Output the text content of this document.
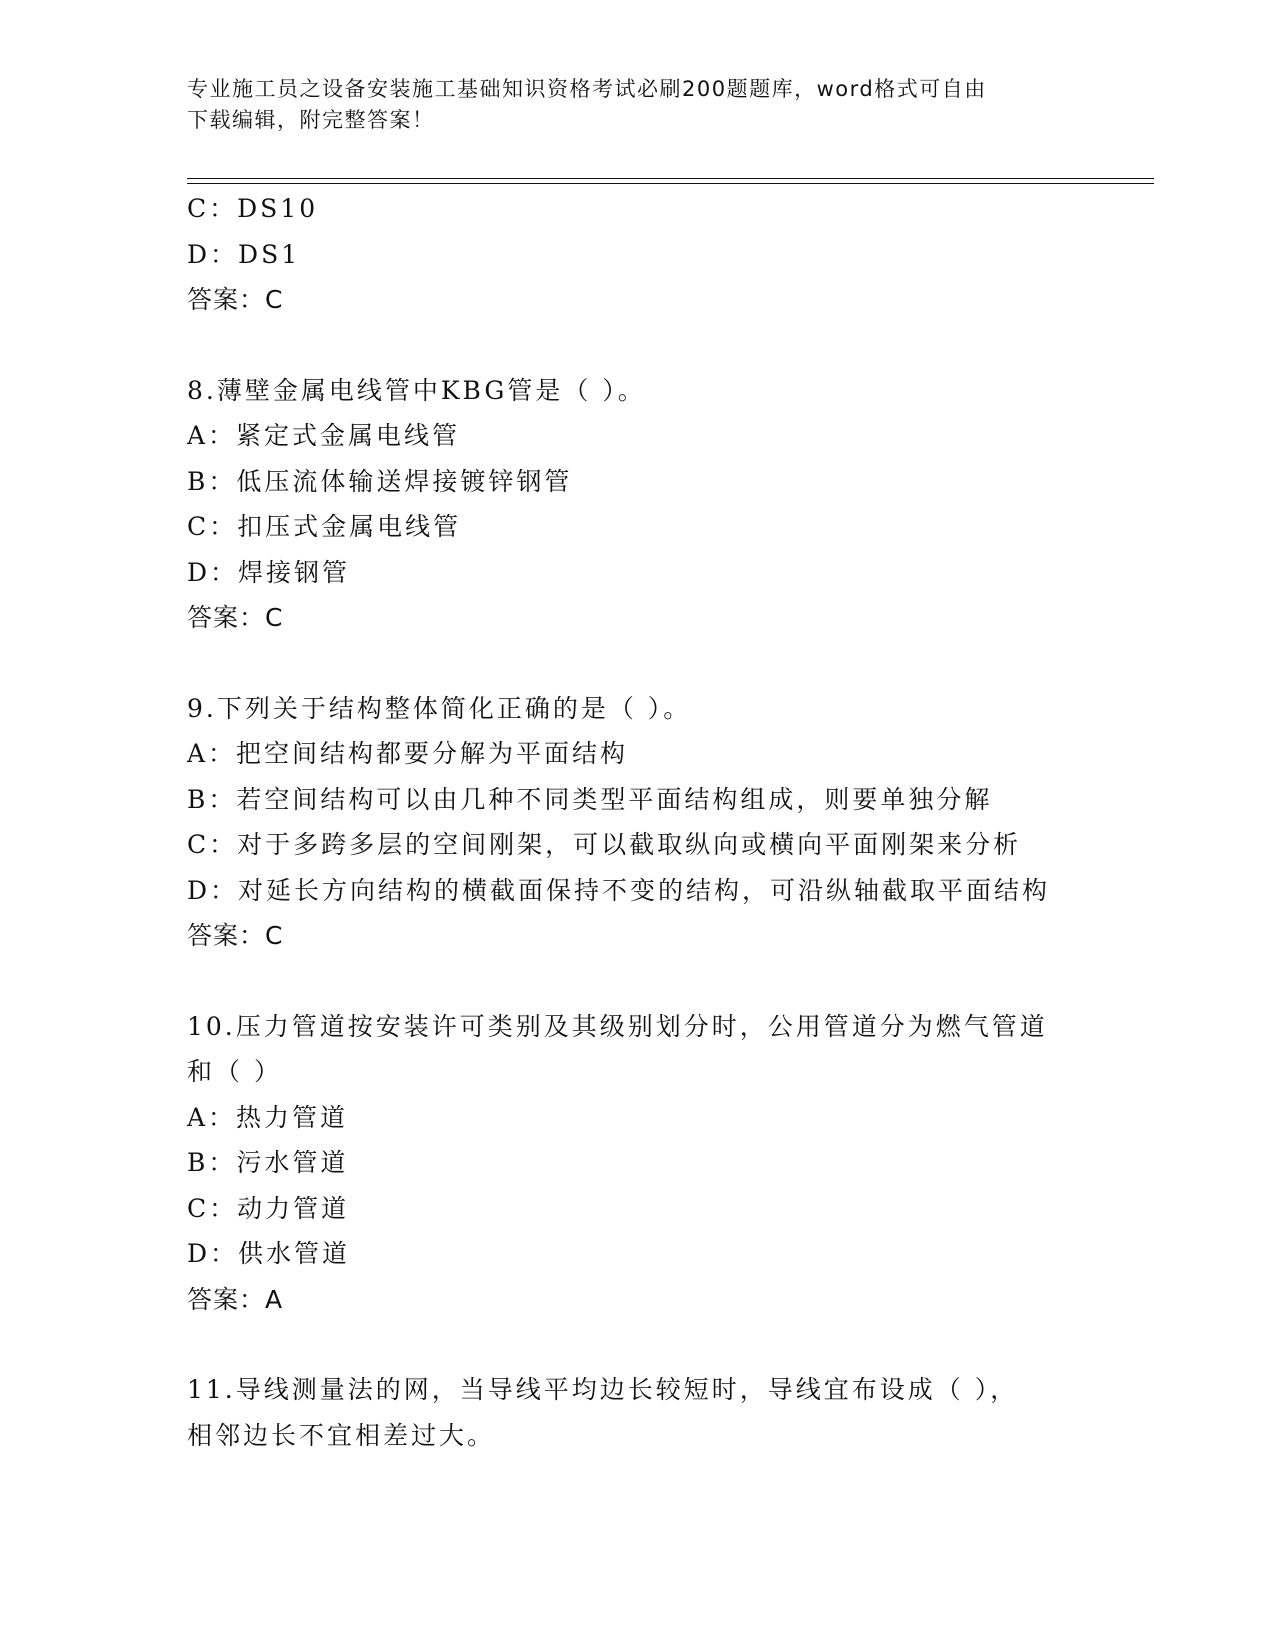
专业施工员之设备安装施工基础知识资格考试必刷200题题库，word格式可自由
下载编辑，附完整答案！
C：DS10
D：DS1
答案：C
8.薄壁金属电线管中KBG管是（ ）。
A：紧定式金属电线管
B：低压流体输送焊接镀锌钢管
C：扣压式金属电线管
D：焊接钢管
答案：C
9.下列关于结构整体简化正确的是（ ）。
A：把空间结构都要分解为平面结构
B：若空间结构可以由几种不同类型平面结构组成，则要单独分解
C：对于多跨多层的空间刚架，可以截取纵向或横向平面刚架来分析
D：对延长方向结构的横截面保持不变的结构，可沿纵轴截取平面结构
答案：C
10.压力管道按安装许可类别及其级别划分时，公用管道分为燃气管道
和（ ）
A：热力管道
B：污水管道
C：动力管道
D：供水管道
答案：A
11.导线测量法的网，当导线平均边长较短时，导线宜布设成（ ），
相邻边长不宜相差过大。
